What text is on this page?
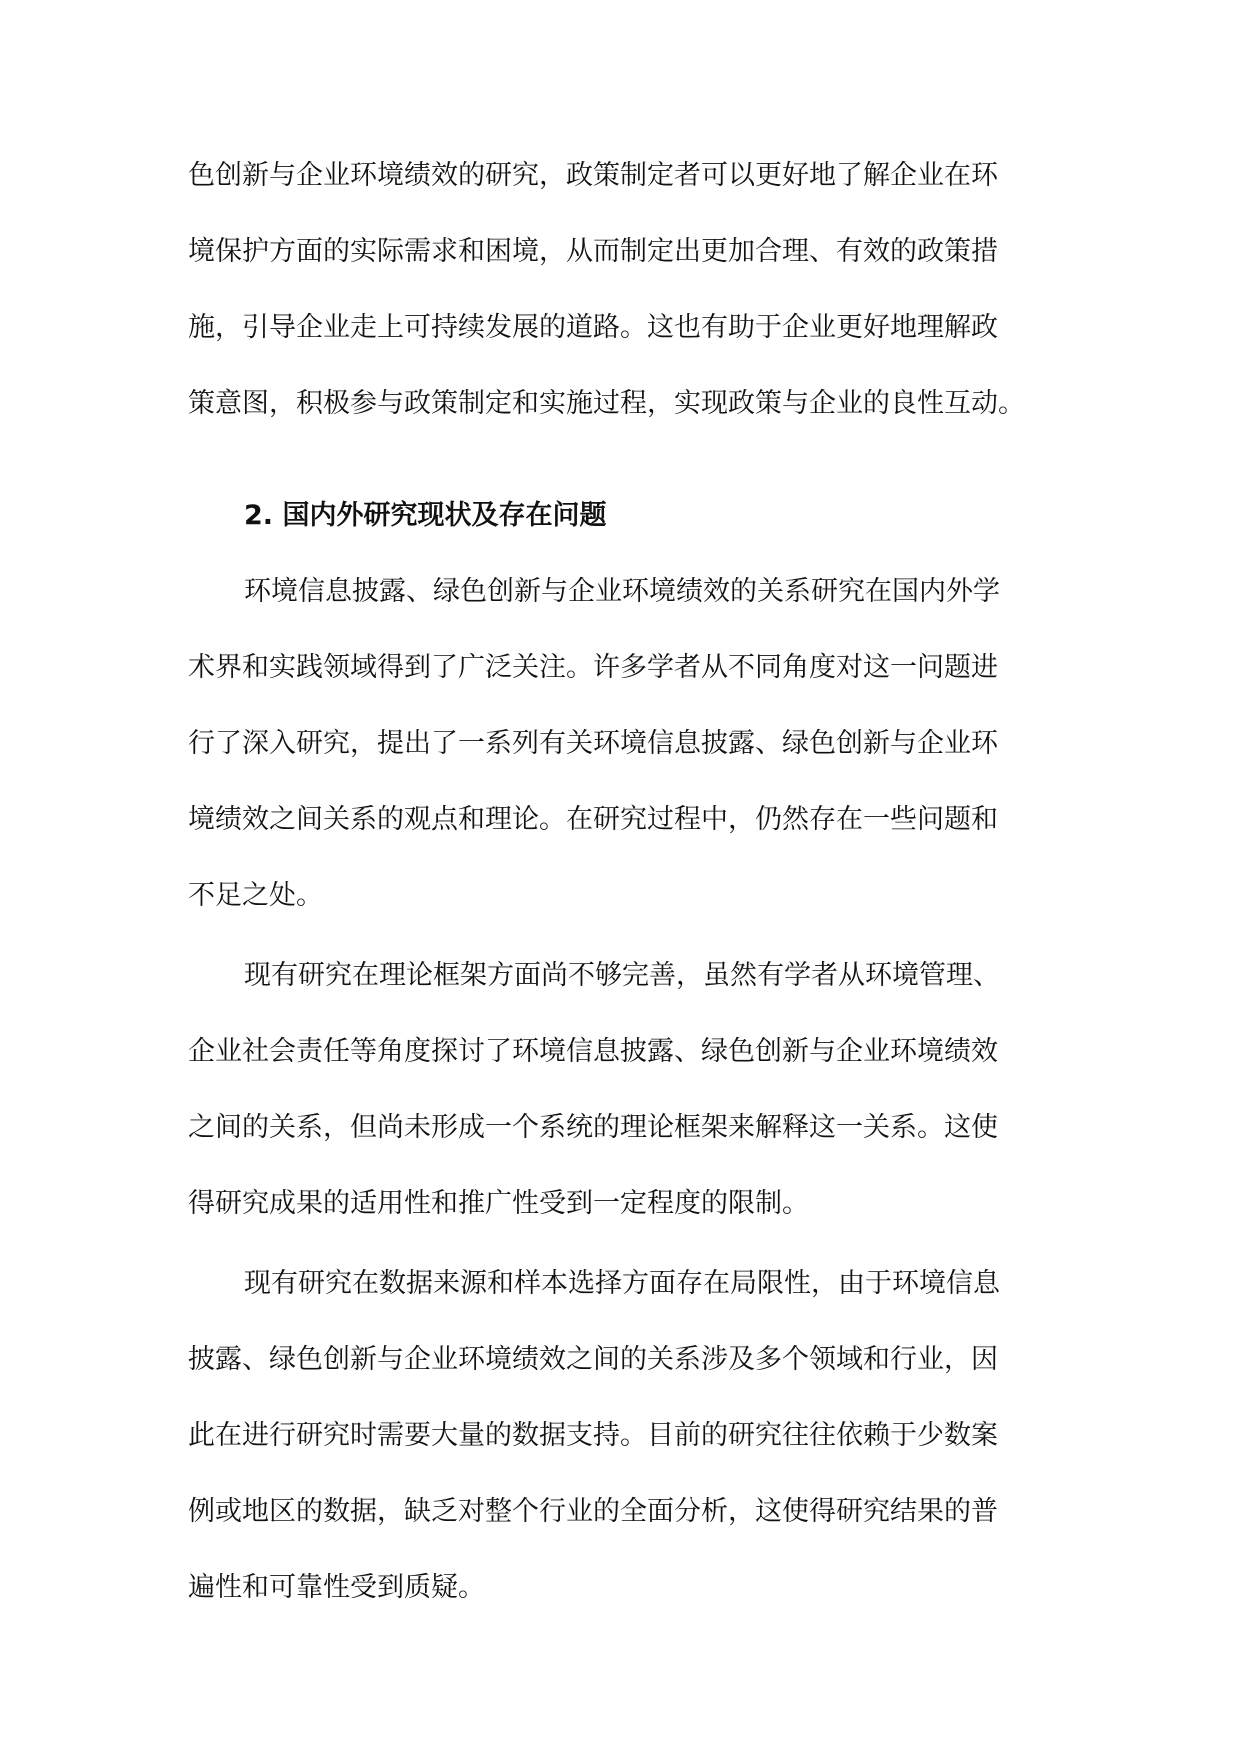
色创新与企业环境绩效的研究，政策制定者可以更好地了解企业在环
境保护方面的实际需求和困境，从而制定出更加合理、有效的政策措
施，引导企业走上可持续发展的道路。这也有助于企业更好地理解政
策意图，积极参与政策制定和实施过程，实现政策与企业的良性互动。
2. 国内外研究现状及存在问题
环境信息披露、绿色创新与企业环境绩效的关系研究在国内外学
术界和实践领域得到了广泛关注。许多学者从不同角度对这一问题进
行了深入研究，提出了一系列有关环境信息披露、绿色创新与企业环
境绩效之间关系的观点和理论。在研究过程中，仍然存在一些问题和
不足之处。
现有研究在理论框架方面尚不够完善，虽然有学者从环境管理、
企业社会责任等角度探讨了环境信息披露、绿色创新与企业环境绩效
之间的关系，但尚未形成一个系统的理论框架来解释这一关系。这使
得研究成果的适用性和推广性受到一定程度的限制。
现有研究在数据来源和样本选择方面存在局限性，由于环境信息
披露、绿色创新与企业环境绩效之间的关系涉及多个领域和行业，因
此在进行研究时需要大量的数据支持。目前的研究往往依赖于少数案
例或地区的数据，缺乏对整个行业的全面分析，这使得研究结果的普
遍性和可靠性受到质疑。
